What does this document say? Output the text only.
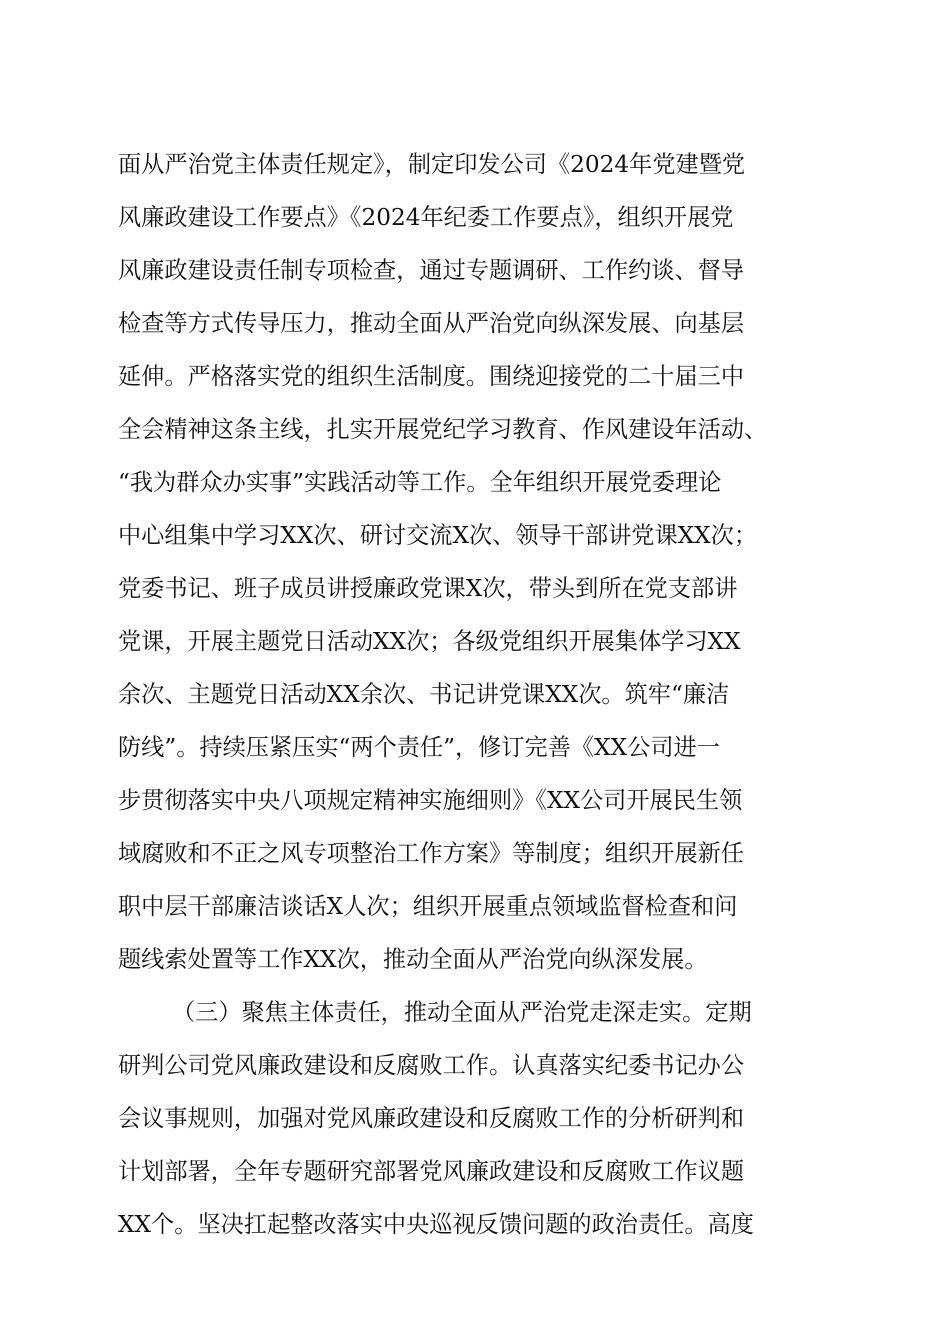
面从严治党主体责任规定》，制定印发公司《2024年党建暨党
风廉政建设工作要点》《2024年纪委工作要点》，组织开展党
风廉政建设责任制专项检查，通过专题调研、工作约谈、督导
检查等方式传导压力，推动全面从严治党向纵深发展、向基层
延伸。严格落实党的组织生活制度。围绕迎接党的二十届三中
全会精神这条主线，扎实开展党纪学习教育、作风建设年活动、
“我为群众办实事”实践活动等工作。全年组织开展党委理论
中心组集中学习XX次、研讨交流X次、领导干部讲党课XX次；
党委书记、班子成员讲授廉政党课X次，带头到所在党支部讲
党课，开展主题党日活动XX次；各级党组织开展集体学习XX
余次、主题党日活动XX余次、书记讲党课XX次。筑牢“廉洁
防线”。持续压紧压实“两个责任”，修订完善《XX公司进一
步贯彻落实中央八项规定精神实施细则》《XX公司开展民生领
域腐败和不正之风专项整治工作方案》等制度；组织开展新任
职中层干部廉洁谈话X人次；组织开展重点领域监督检查和问
题线索处置等工作XX次，推动全面从严治党向纵深发展。
（三）聚焦主体责任，推动全面从严治党走深走实。定期
研判公司党风廉政建设和反腐败工作。认真落实纪委书记办公
会议事规则，加强对党风廉政建设和反腐败工作的分析研判和
计划部署，全年专题研究部署党风廉政建设和反腐败工作议题
XX个。坚决扛起整改落实中央巡视反馈问题的政治责任。高度
